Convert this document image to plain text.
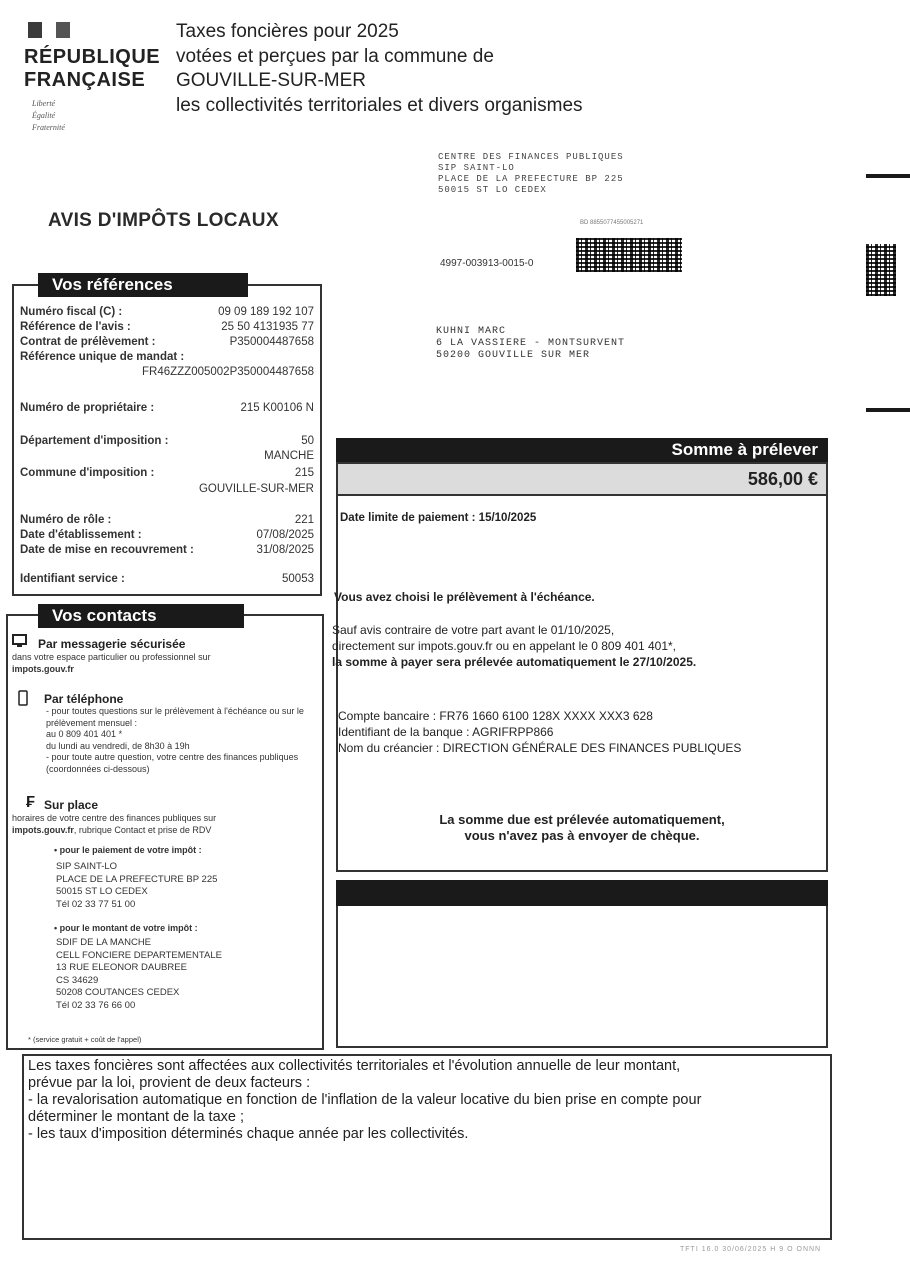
RÉPUBLIQUE
FRANÇAISE
Liberté
Égalité
Fraternité
Taxes foncières pour 2025
votées et perçues par la commune de
GOUVILLE-SUR-MER
les collectivités territoriales et divers organismes
CENTRE DES FINANCES PUBLIQUES
SIP SAINT-LO
PLACE DE LA PREFECTURE BP 225
50015 ST LO CEDEX
AVIS D'IMPÔTS LOCAUX	BD 8855077455005271
4997-003913-0015-0
KUHNI MARC
6 LA VASSIERE - MONTSURVENT
50200 GOUVILLE SUR MER
Vos références
Numéro fiscal (C) :	09 09 189 192 107
Référence de l'avis :	25 50 4131935 77
Contrat de prélèvement :	P350004487658
Référence unique de mandat :
FR46ZZZ005002P350004487658
Numéro de propriétaire :	215 K00106 N
Département d'imposition :	50
MANCHE
Commune d'imposition :	215
GOUVILLE-SUR-MER
Numéro de rôle :	221
Date d'établissement :	07/08/2025
Date de mise en recouvrement :	31/08/2025
Identifiant service :	50053
Vos contacts
Par messagerie sécurisée
dans votre espace particulier ou professionnel sur
impots.gouv.fr
Par téléphone
- pour toutes questions sur le prélèvement à l'échéance ou sur le prélèvement mensuel :
au 0 809 401 401 *
du lundi au vendredi, de 8h30 à 19h
- pour toute autre question, votre centre des finances publiques (coordonnées ci-dessous)
₣ Sur place
horaires de votre centre des finances publiques sur
impots.gouv.fr, rubrique Contact et prise de RDV
• pour le paiement de votre impôt :
SIP SAINT-LO
PLACE DE LA PREFECTURE BP 225
50015 ST LO CEDEX
Tél 02 33 77 51 00
• pour le montant de votre impôt :
SDIF DE LA MANCHE
CELL FONCIERE DEPARTEMENTALE
13 RUE ELEONOR DAUBREE
CS 34629
50208 COUTANCES CEDEX
Tél 02 33 76 66 00
* (service gratuit + coût de l'appel)
Somme à prélever
586,00 €
Date limite de paiement : 15/10/2025
Vous avez choisi le prélèvement à l'échéance.
Sauf avis contraire de votre part avant le 01/10/2025,
directement sur impots.gouv.fr ou en appelant le 0 809 401 401*,
la somme à payer sera prélevée automatiquement le 27/10/2025.
Compte bancaire : FR76 1660 6100 128X XXXX XXX3 628
Identifiant de la banque : AGRIFRPP866
Nom du créancier : DIRECTION GÉNÉRALE DES FINANCES PUBLIQUES
La somme due est prélevée automatiquement,
vous n'avez pas à envoyer de chèque.
Les taxes foncières sont affectées aux collectivités territoriales et l'évolution annuelle de leur montant,
prévue par la loi, provient de deux facteurs :
- la revalorisation automatique en fonction de l'inflation de la valeur locative du bien prise en compte pour
déterminer le montant de la taxe ;
- les taux d'imposition déterminés chaque année par les collectivités.
TFTI 16.0 30/06/2025 H 9 O ONNN
